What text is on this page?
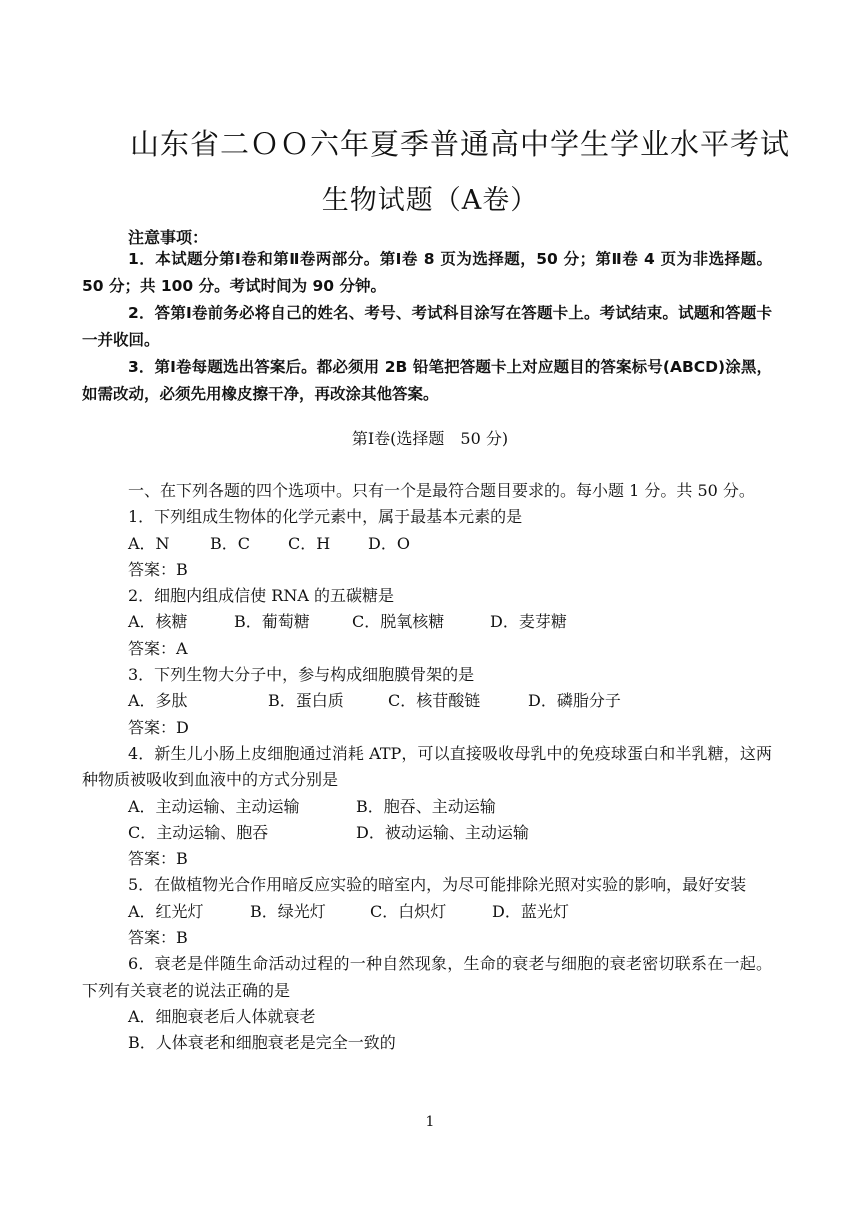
山东省二ＯＯ六年夏季普通高中学生学业水平考试
生物试题（A卷）
注意事项：

1．本试题分第Ⅰ卷和第Ⅱ卷两部分。第Ⅰ卷 8 页为选择题，50 分；第Ⅱ卷 4 页为非选择题。50 分；共 100 分。考试时间为 90 分钟。

2．答第Ⅰ卷前务必将自己的姓名、考号、考试科目涂写在答题卡上。考试结束。试题和答题卡一并收回。

3．第Ⅰ卷每题选出答案后。都必须用 2B 铅笔把答题卡上对应题目的答案标号(ABCD)涂黑，如需改动，必须先用橡皮擦干净，再改涂其他答案。

第Ⅰ卷(选择题　50 分)

一、在下列各题的四个选项中。只有一个是最符合题目要求的。每小题 1 分。共 50 分。

1．下列组成生物体的化学元素中，属于最基本元素的是

A．N	B．C C．H D．O

答案：B

2．细胞内组成信使 RNA 的五碳糖是

A．核糖	B．葡萄糖	C．脱氧核糖	D．麦芽糖

答案：A

3．下列生物大分子中，参与构成细胞膜骨架的是

A．多肽	B．蛋白质	C．核苷酸链	D．磷脂分子

答案：D

4．新生儿小肠上皮细胞通过消耗 ATP，可以直接吸收母乳中的免疫球蛋白和半乳糖，这两种物质被吸收到血液中的方式分别是

A．主动运输、主动运输	B．胞吞、主动运输

C．主动运输、胞吞	D．被动运输、主动运输

答案：B

5．在做植物光合作用暗反应实验的暗室内，为尽可能排除光照对实验的影响，最好安装

A．红光灯	B．绿光灯	C．白炽灯	D．蓝光灯

答案：B

6．衰老是伴随生命活动过程的一种自然现象，生命的衰老与细胞的衰老密切联系在一起。下列有关衰老的说法正确的是

A．细胞衰老后人体就衰老

B．人体衰老和细胞衰老是完全一致的

1
